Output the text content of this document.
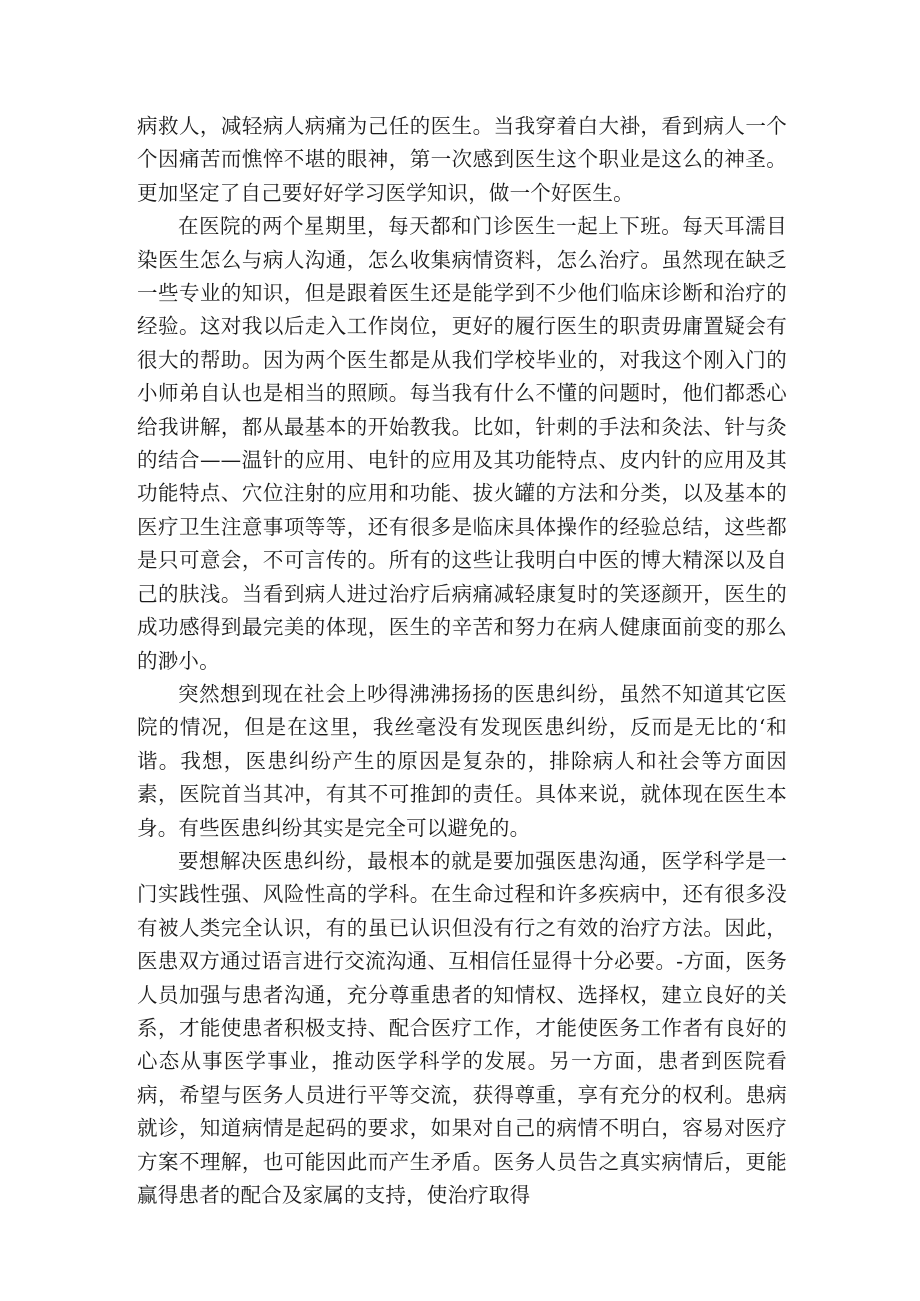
病救人，减轻病人病痛为己任的医生。当我穿着白大褂，看到病人一个个因痛苦而憔悴不堪的眼神，第一次感到医生这个职业是这么的神圣。更加坚定了自己要好好学习医学知识，做一个好医生。

在医院的两个星期里，每天都和门诊医生一起上下班。每天耳濡目染医生怎么与病人沟通，怎么收集病情资料，怎么治疗。虽然现在缺乏一些专业的知识，但是跟着医生还是能学到不少他们临床诊断和治疗的经验。这对我以后走入工作岗位，更好的履行医生的职责毋庸置疑会有很大的帮助。因为两个医生都是从我们学校毕业的，对我这个刚入门的小师弟自认也是相当的照顾。每当我有什么不懂的问题时，他们都悉心给我讲解，都从最基本的开始教我。比如，针刺的手法和灸法、针与灸的结合——温针的应用、电针的应用及其功能特点、皮内针的应用及其功能特点、穴位注射的应用和功能、拔火罐的方法和分类，以及基本的医疗卫生注意事项等等，还有很多是临床具体操作的经验总结，这些都是只可意会，不可言传的。所有的这些让我明白中医的博大精深以及自己的肤浅。当看到病人进过治疗后病痛减轻康复时的笑逐颜开，医生的成功感得到最完美的体现，医生的辛苦和努力在病人健康面前变的那么的渺小。

突然想到现在社会上吵得沸沸扬扬的医患纠纷，虽然不知道其它医院的情况，但是在这里，我丝毫没有发现医患纠纷，反而是无比的‘和谐。我想，医患纠纷产生的原因是复杂的，排除病人和社会等方面因素，医院首当其冲，有其不可推卸的责任。具体来说，就体现在医生本身。有些医患纠纷其实是完全可以避免的。

要想解决医患纠纷，最根本的就是要加强医患沟通，医学科学是一门实践性强、风险性高的学科。在生命过程和许多疾病中，还有很多没有被人类完全认识，有的虽已认识但没有行之有效的治疗方法。因此，医患双方通过语言进行交流沟通、互相信任显得十分必要。-方面，医务人员加强与患者沟通，充分尊重患者的知情权、选择权，建立良好的关系，才能使患者积极支持、配合医疗工作，才能使医务工作者有良好的心态从事医学事业，推动医学科学的发展。另一方面，患者到医院看病，希望与医务人员进行平等交流，获得尊重，享有充分的权利。患病就诊，知道病情是起码的要求，如果对自己的病情不明白，容易对医疗方案不理解，也可能因此而产生矛盾。医务人员告之真实病情后，更能赢得患者的配合及家属的支持，使治疗取得
